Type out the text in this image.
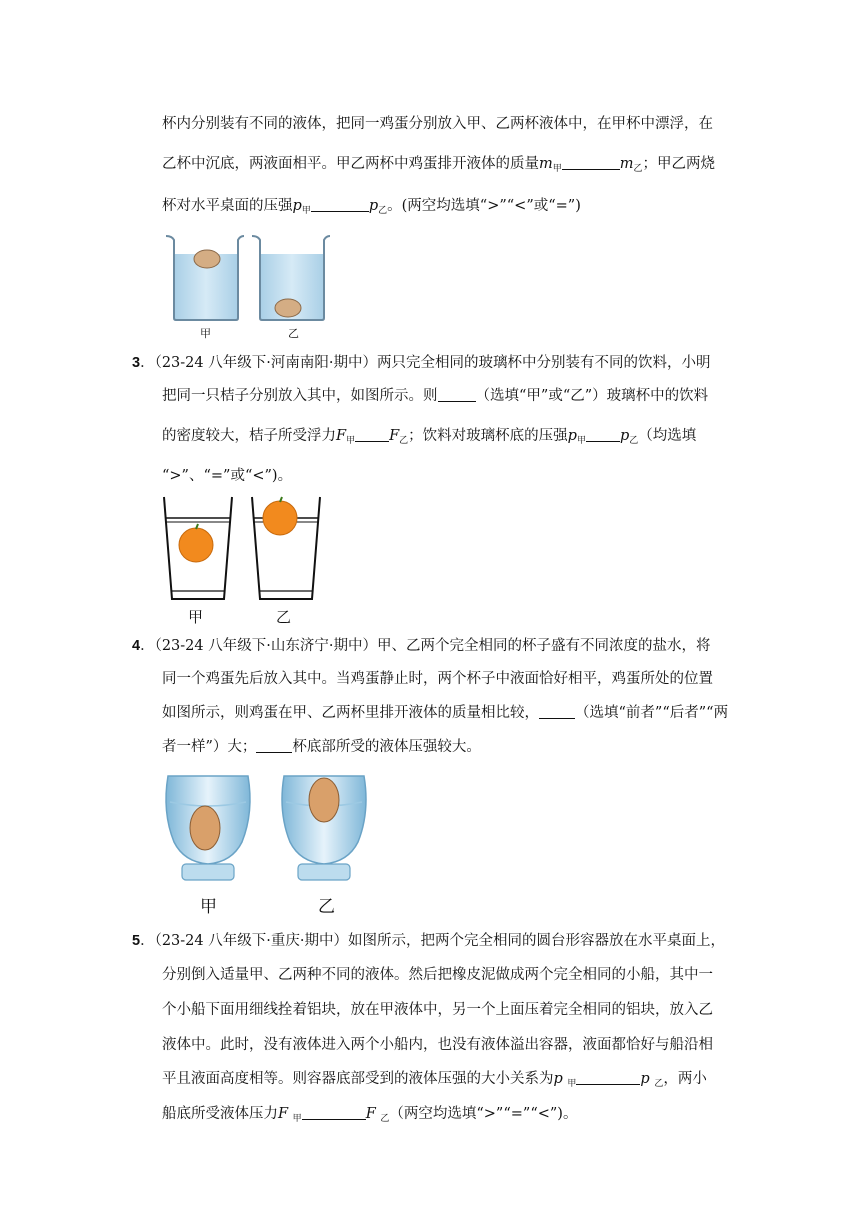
杯内分别装有不同的液体，把同一鸡蛋分别放入甲、乙两杯液体中，在甲杯中漂浮，在
乙杯中沉底，两液面相平。甲乙两杯中鸡蛋排开液体的质量$m_甲$	$m_乙$；甲乙两烧
杯对水平桌面的压强$p_甲$	$p_乙$。(两空均选填“>”“<”或“=”)
甲	乙
3．（23-24 八年级下·河南南阳·期中）两只完全相同的玻璃杯中分别装有不同的饮料，小明
把同一只桔子分别放入其中，如图所示。则	（选填“甲”或“乙”）玻璃杯中的饮料
的密度较大，桔子所受浮力$F_甲$ $F_乙$；饮料对玻璃杯底的压强$p_甲$ $p_乙$（均选填
“>”、“=”或“<”)。
甲	乙
4．（23-24 八年级下·山东济宁·期中）甲、乙两个完全相同的杯子盛有不同浓度的盐水，将
同一个鸡蛋先后放入其中。当鸡蛋静止时，两个杯子中液面恰好相平，鸡蛋所处的位置
如图所示，则鸡蛋在甲、乙两杯里排开液体的质量相比较， （选填“前者”“后者”“两
者一样”）大； 杯底部所受的液体压强较大。
甲	乙
5．（23-24 八年级下·重庆·期中）如图所示，把两个完全相同的圆台形容器放在水平桌面上，
分别倒入适量甲、乙两种不同的液体。然后把橡皮泥做成两个完全相同的小船，其中一
个小船下面用细线拴着铝块，放在甲液体中，另一个上面压着完全相同的铝块，放入乙
液体中。此时，没有液体进入两个小船内，也没有液体溢出容器，液面都恰好与船沿相
平且液面高度相等。则容器底部受到的液体压强的大小关系为p $_甲$	p $_乙$，两小
船底所受液体压力F $_甲$	F $_乙$（两空均选填“>”“=”“<”)。
